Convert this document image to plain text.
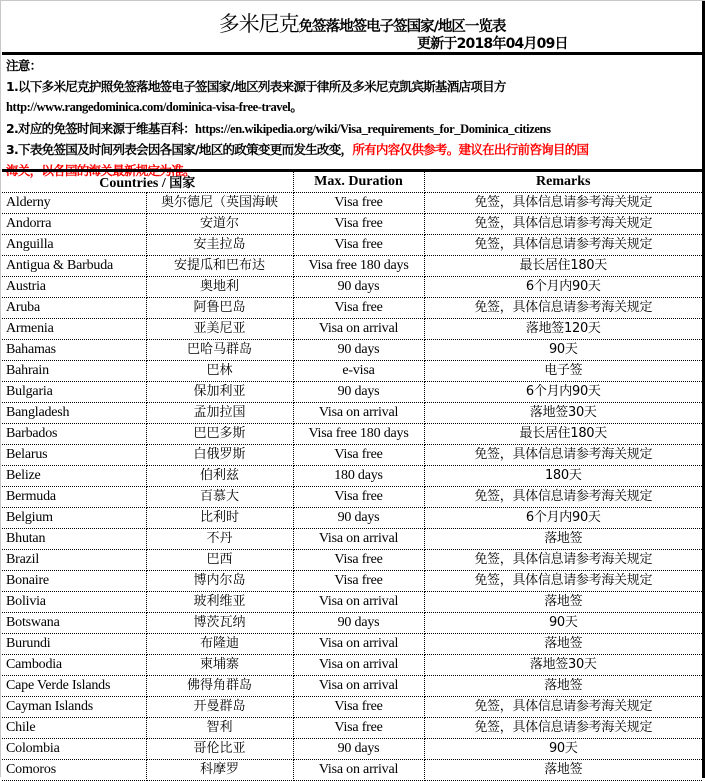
多米尼克免签落地签电子签国家/地区一览表
更新于2018年04月09日
注意：
1.以下多米尼克护照免签落地签电子签国家/地区列表来源于律所及多米尼克凯宾斯基酒店项目方
http://www.rangedominica.com/dominica-visa-free-travel。
2.对应的免签时间来源于维基百科：https://en.wikipedia.org/wiki/Visa_requirements_for_Dominica_citizens
3.下表免签国及时间列表会因各国家/地区的政策变更而发生改变，所有内容仅供参考。建议在出行前咨询目的国
Countries / 国家		Max. Duration	Remarks
Alderny	奥尔德尼（英国海峡	Visa free	免签，具体信息请参考海关规定
Andorra	安道尔	Visa free	免签，具体信息请参考海关规定
Anguilla	安圭拉岛	Visa free	免签，具体信息请参考海关规定
Antigua & Barbuda	安提瓜和巴布达	Visa free 180 days	最长居住180天
Austria	奥地利	90 days	6个月内90天
Aruba	阿鲁巴岛	Visa free	免签，具体信息请参考海关规定
Armenia	亚美尼亚	Visa on arrival	落地签120天
Bahamas	巴哈马群岛	90 days	90天
Bahrain	巴林	e-visa	电子签
Bulgaria	保加利亚	90 days	6个月内90天
Bangladesh	孟加拉国	Visa on arrival	落地签30天
Barbados	巴巴多斯	Visa free 180 days	最长居住180天
Belarus	白俄罗斯	Visa free	免签，具体信息请参考海关规定
Belize	伯利兹	180 days	180天
Bermuda	百慕大	Visa free	免签，具体信息请参考海关规定
Belgium	比利时	90 days	6个月内90天
Bhutan	不丹	Visa on arrival	落地签
Brazil	巴西	Visa free	免签，具体信息请参考海关规定
Bonaire	博内尔岛	Visa free	免签，具体信息请参考海关规定
Bolivia	玻利维亚	Visa on arrival	落地签
Botswana	博茨瓦纳	90 days	90天
Burundi	布隆迪	Visa on arrival	落地签
Cambodia	柬埔寨	Visa on arrival	落地签30天
Cape Verde Islands	佛得角群岛	Visa on arrival	落地签
Cayman Islands	开曼群岛	Visa free	免签，具体信息请参考海关规定
Chile	智利	Visa free	免签，具体信息请参考海关规定
Colombia	哥伦比亚	90 days	90天
Comoros	科摩罗	Visa on arrival	落地签
